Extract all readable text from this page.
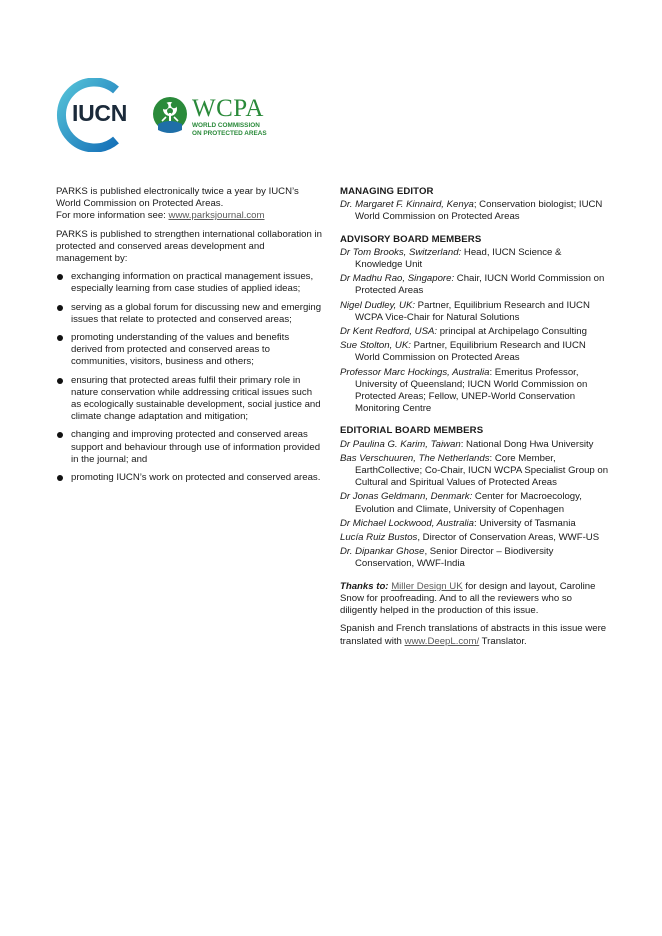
IUCN	WCPA
WORLD COMMISSION
ON PROTECTED AREAS

PARKS is published electronically twice a year by IUCN’s World Commission on Protected Areas.
For more information see: www.parksjournal.com

PARKS is published to strengthen international collaboration in protected and conserved areas development and management by:

exchanging information on practical management issues, especially learning from case studies of applied ideas;
serving as a global forum for discussing new and emerging issues that relate to protected and conserved areas;
promoting understanding of the values and benefits derived from protected and conserved areas to communities, visitors, business and others;
ensuring that protected areas fulfil their primary role in nature conservation while addressing critical issues such as ecologically sustainable development, social justice and climate change adaptation and mitigation;
changing and improving protected and conserved areas support and behaviour through use of information provided in the journal; and
promoting IUCN’s work on protected and conserved areas.
MANAGING EDITOR
Dr. Margaret F. Kinnaird, Kenya; Conservation biologist; IUCN World Commission on Protected Areas
ADVISORY BOARD MEMBERS
Dr Tom Brooks, Switzerland: Head, IUCN Science & Knowledge Unit
Dr Madhu Rao, Singapore: Chair, IUCN World Commission on Protected Areas
Nigel Dudley, UK: Partner, Equilibrium Research and IUCN WCPA Vice-Chair for Natural Solutions
Dr Kent Redford, USA: principal at Archipelago Consulting
Sue Stolton, UK: Partner, Equilibrium Research and IUCN World Commission on Protected Areas
Professor Marc Hockings, Australia: Emeritus Professor, University of Queensland; IUCN World Commission on Protected Areas; Fellow, UNEP-World Conservation Monitoring Centre
EDITORIAL BOARD MEMBERS
Dr Paulina G. Karim, Taiwan: National Dong Hwa University
Bas Verschuuren, The Netherlands: Core Member, EarthCollective; Co-Chair, IUCN WCPA Specialist Group on Cultural and Spiritual Values of Protected Areas
Dr Jonas Geldmann, Denmark: Center for Macroecology, Evolution and Climate, University of Copenhagen
Dr Michael Lockwood, Australia: University of Tasmania
Lucía Ruiz Bustos, Director of Conservation Areas, WWF-US
Dr. Dipankar Ghose, Senior Director – Biodiversity Conservation, WWF-India

Thanks to: Miller Design UK for design and layout, Caroline Snow for proofreading. And to all the reviewers who so diligently helped in the production of this issue.

Spanish and French translations of abstracts in this issue were translated with www.DeepL.com/ Translator.
